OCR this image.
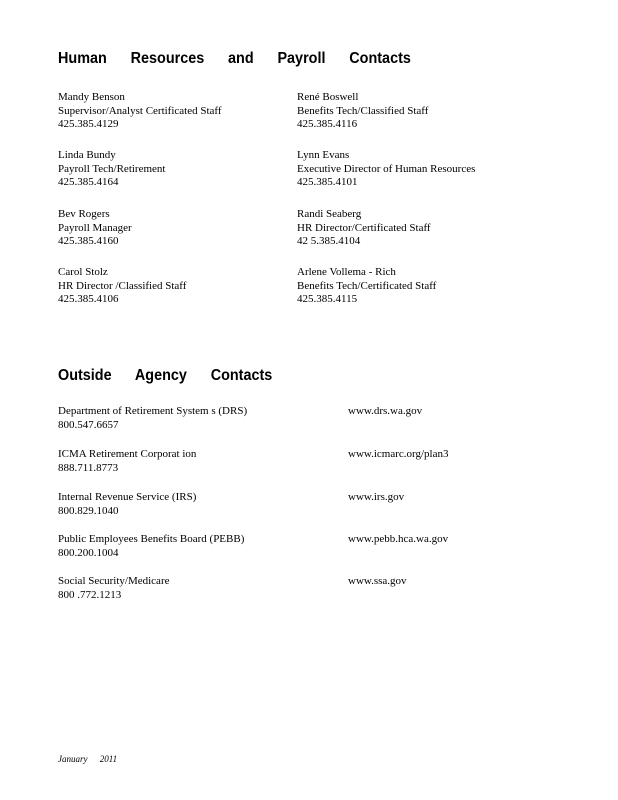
Human Resources and Payroll Contacts
Mandy Benson
Supervisor/Analyst Certificated Staff
425.385.4129
René Boswell
Benefits Tech/Classified Staff
425.385.4116
Linda Bundy
Payroll Tech/Retirement
425.385.4164
Lynn Evans
Executive Director of Human Resources
425.385.4101
Bev Rogers
Payroll Manager
425.385.4160
Randi Seaberg
HR Director/Certificated Staff
42 5.385.4104
Carol Stolz
HR Director /Classified Staff
425.385.4106
Arlene Vollema - Rich
Benefits Tech/Certificated Staff
425.385.4115
Outside Agency Contacts
Department of Retirement System s (DRS)
800.547.6657
www.drs.wa.gov
ICMA Retirement Corporat ion
888.711.8773
www.icmarc.org/plan3
Internal Revenue Service (IRS)
800.829.1040
www.irs.gov
Public Employees Benefits Board (PEBB)
800.200.1004
www.pebb.hca.wa.gov
Social Security/Medicare
800 .772.1213
www.ssa.gov
January 2011
